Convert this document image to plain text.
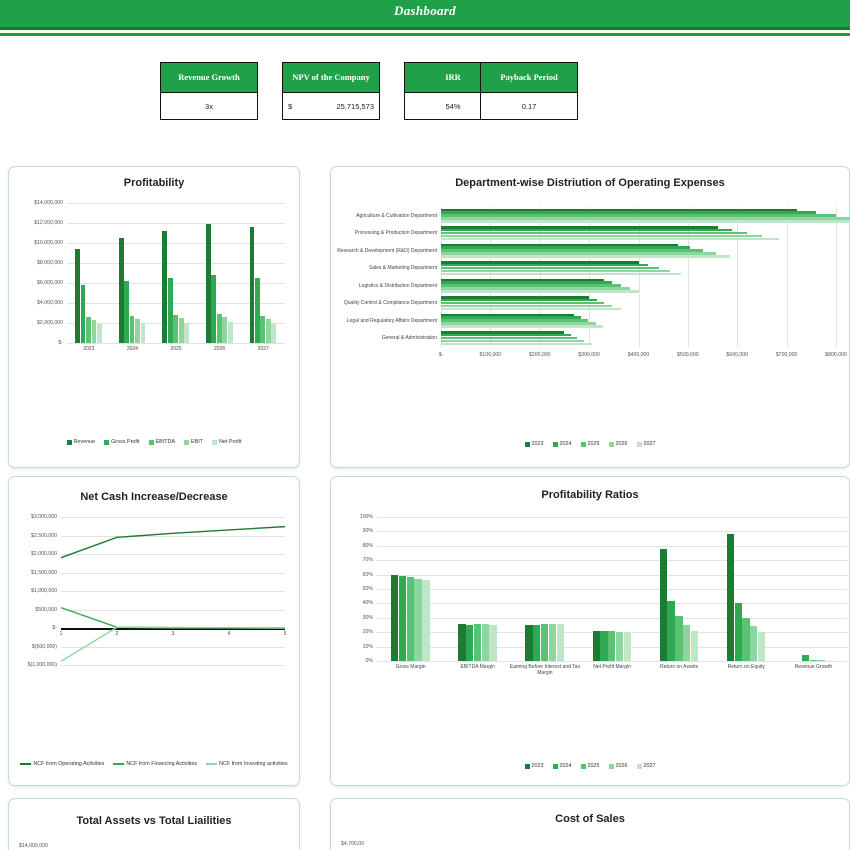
Dashboard
Revenue Growth
3x
NPV of the Company
$	25,715,573
IRR
54%
Payback Period
0.17
Profitability
$-
$2,000,000
$4,000,000
$6,000,000
$8,000,000
$10,000,000
$12,000,000
$14,000,000
2023	2024	2025	2026	2027
Revenue	Gross Profit	EBITDA	EBIT	Net Profit
Department-wise Distriution of Operating Expenses
$-	$100,000	$200,000	$300,000	$400,000	$500,000	$600,000	$700,000	$800,000
Agriculture & Cultivation Department
Processing & Production Department
Research & Development (R&D) Department
Sales & Marketing Department
Logistics & Distribution Department
Quality Control & Compliance Department
Legal and Regulatory Affairs Department
General & Administration
2023	2024	2025	2026	2027
Net Cash Increase/Decrease
$(1,000,000)
$(500,000)
$-
$500,000
$1,000,000
$1,500,000
$2,000,000
$2,500,000
$3,000,000
1	2	3	4	5
NCF from Operating Activities	NCF from Financing Activities	NCF from Investing activities
Profitability Ratios
0%
10%
20%
30%
40%
50%
60%
70%
80%
90%
100%
Gross Margin	EBITDA Margin	Earning Before Interest and Tax Margin
Net Profit Margin	Return on Assets	Return on Equity	Revenue Growth
2023	2024	2025	2026	2027
Total Assets vs Total Liailities
$14,000,000
Cost of Sales
$4,700,00
